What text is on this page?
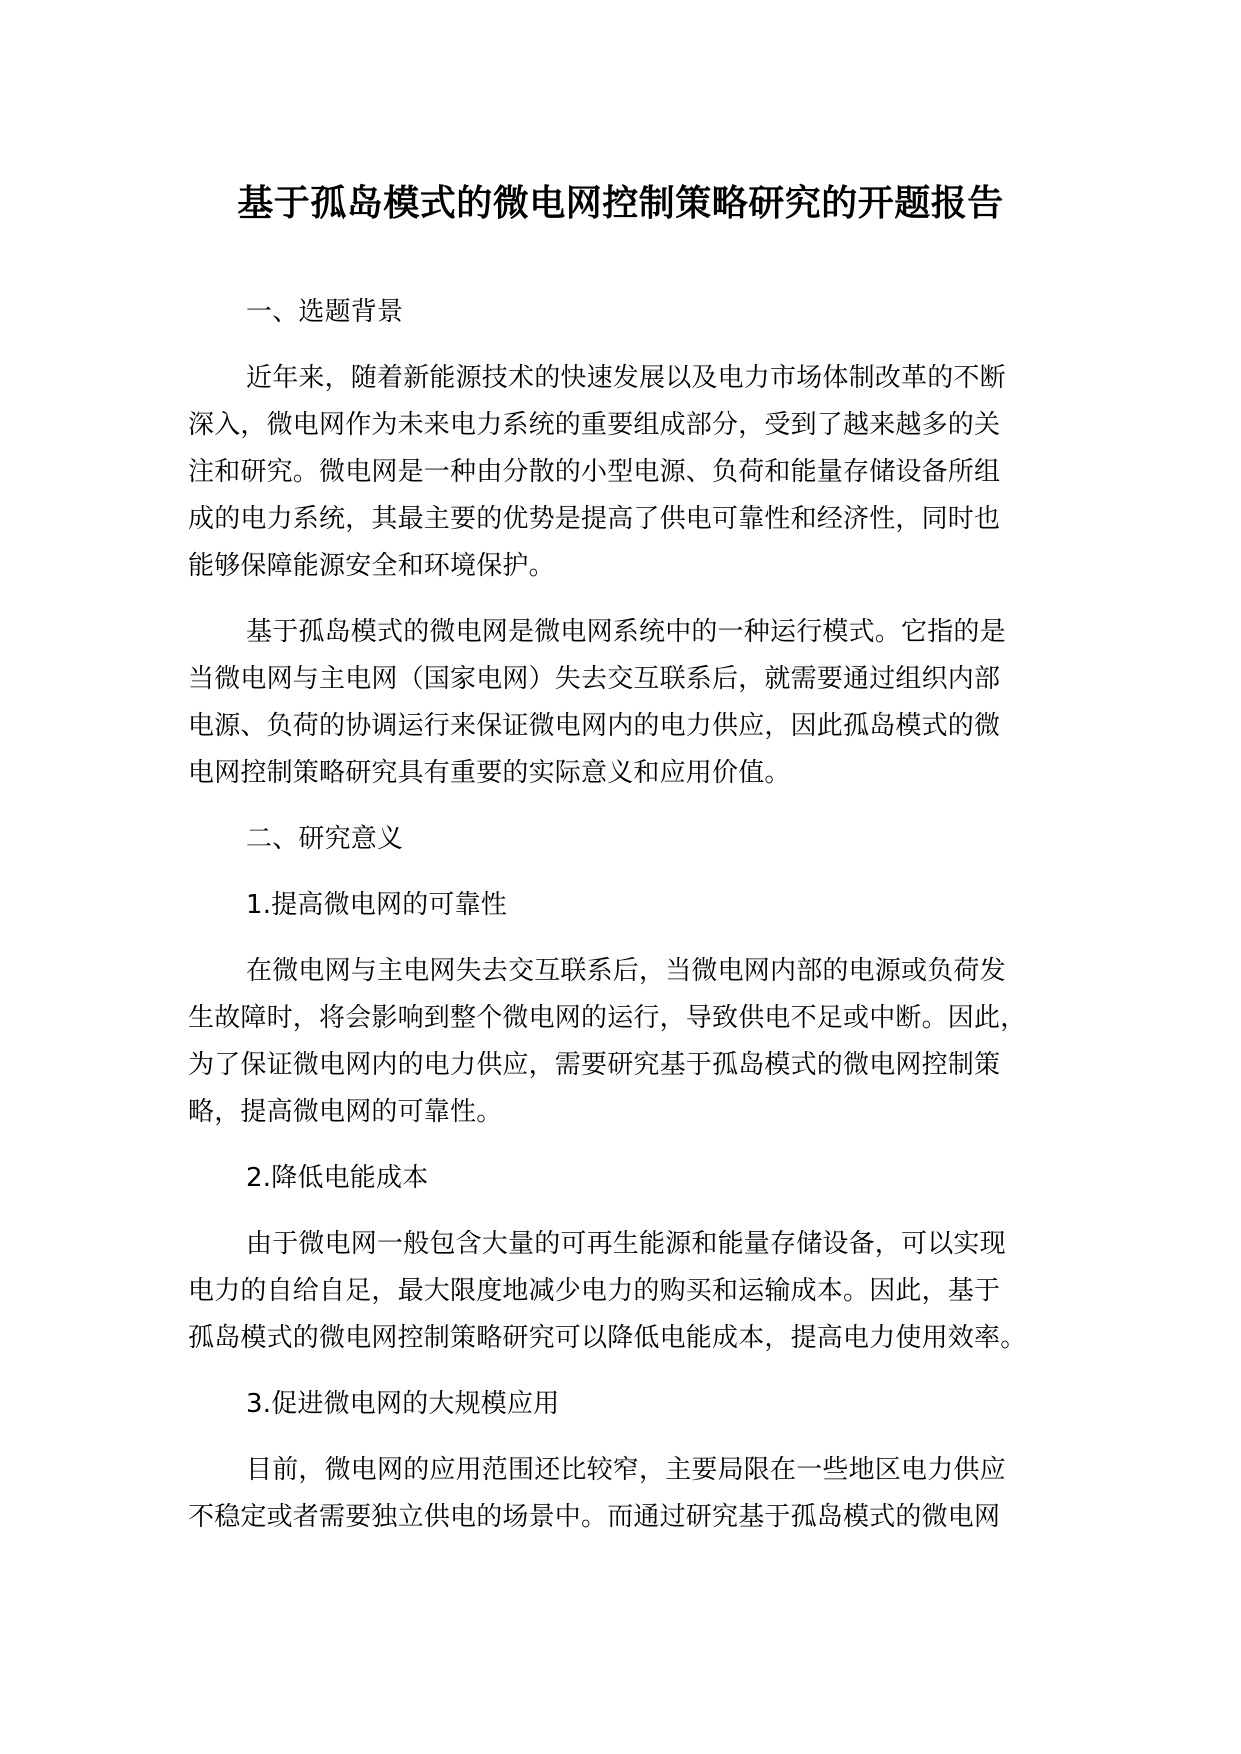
基于孤岛模式的微电网控制策略研究的开题报告
一、选题背景
近年来，随着新能源技术的快速发展以及电力市场体制改革的不断
深入，微电网作为未来电力系统的重要组成部分，受到了越来越多的关
注和研究。微电网是一种由分散的小型电源、负荷和能量存储设备所组
成的电力系统，其最主要的优势是提高了供电可靠性和经济性，同时也
能够保障能源安全和环境保护。
基于孤岛模式的微电网是微电网系统中的一种运行模式。它指的是
当微电网与主电网（国家电网）失去交互联系后，就需要通过组织内部
电源、负荷的协调运行来保证微电网内的电力供应，因此孤岛模式的微
电网控制策略研究具有重要的实际意义和应用价值。
二、研究意义
1.提高微电网的可靠性
在微电网与主电网失去交互联系后，当微电网内部的电源或负荷发
生故障时，将会影响到整个微电网的运行，导致供电不足或中断。因此，
为了保证微电网内的电力供应，需要研究基于孤岛模式的微电网控制策
略，提高微电网的可靠性。
2.降低电能成本
由于微电网一般包含大量的可再生能源和能量存储设备，可以实现
电力的自给自足，最大限度地减少电力的购买和运输成本。因此，基于
孤岛模式的微电网控制策略研究可以降低电能成本，提高电力使用效率。
3.促进微电网的大规模应用
目前，微电网的应用范围还比较窄，主要局限在一些地区电力供应
不稳定或者需要独立供电的场景中。而通过研究基于孤岛模式的微电网
